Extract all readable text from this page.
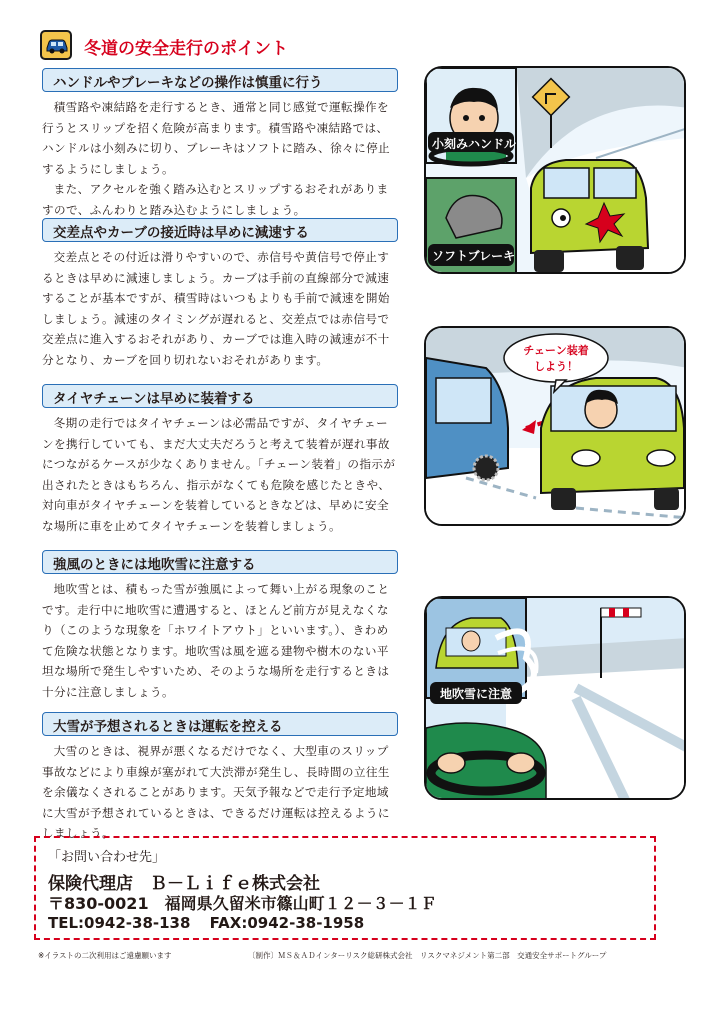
冬道の安全走行のポイント
ハンドルやブレーキなどの操作は慎重に行う

積雪路や凍結路を走行するとき、通常と同じ感覚で運転操作を行うとスリップを招く危険が高まります。積雪路や凍結路では、ハンドルは小刻みに切り、ブレーキはソフトに踏み、徐々に停止するようにしましょう。

また、アクセルを強く踏み込むとスリップするおそれがありますので、ふんわりと踏み込むようにしましょう。

交差点やカーブの接近時は早めに減速する

交差点とその付近は滑りやすいので、赤信号や黄信号で停止するときは早めに減速しましょう。カーブは手前の直線部分で減速することが基本ですが、積雪時はいつもよりも手前で減速を開始しましょう。減速のタイミングが遅れると、交差点では赤信号で交差点に進入するおそれがあり、カーブでは進入時の減速が不十分となり、カーブを回り切れないおそれがあります。

タイヤチェーンは早めに装着する

冬期の走行ではタイヤチェーンは必需品ですが、タイヤチェーンを携行していても、まだ大丈夫だろうと考えて装着が遅れ事故につながるケースが少なくありません。「チェーン装着」の指示が出されたときはもちろん、指示がなくても危険を感じたときや、対向車がタイヤチェーンを装着しているときなどは、早めに安全な場所に車を止めてタイヤチェーンを装着しましょう。

強風のときには地吹雪に注意する

地吹雪とは、積もった雪が強風によって舞い上がる現象のことです。走行中に地吹雪に遭遇すると、ほとんど前方が見えなくなり（このような現象を「ホワイトアウト」といいます。）、きわめて危険な状態となります。地吹雪は風を遮る建物や樹木のない平坦な場所で発生しやすいため、そのような場所を走行するときは十分に注意しましょう。

大雪が予想されるときは運転を控える

大雪のときは、視界が悪くなるだけでなく、大型車のスリップ事故などにより車線が塞がれて大渋滞が発生し、長時間の立往生を余儀なくされることがあります。天気予報などで走行予定地域に大雪が予想されているときは、できるだけ運転は控えるようにしましょう。

小刻みハンドル
ソフトブレーキ
チェーン装着
しよう！
地吹雪に注意
「お問い合わせ先」
保険代理店　Ｂ－Ｌｉｆｅ株式会社
〒830-0021　福岡県久留米市篠山町１２－３－１Ｆ
TEL:0942-38-138 FAX:0942-38-1958
※イラストの二次利用はご遠慮願います	〔制作〕ＭＳ＆ＡＤインターリスク総研株式会社　リスクマネジメント第二部　交通安全サポートグループ
